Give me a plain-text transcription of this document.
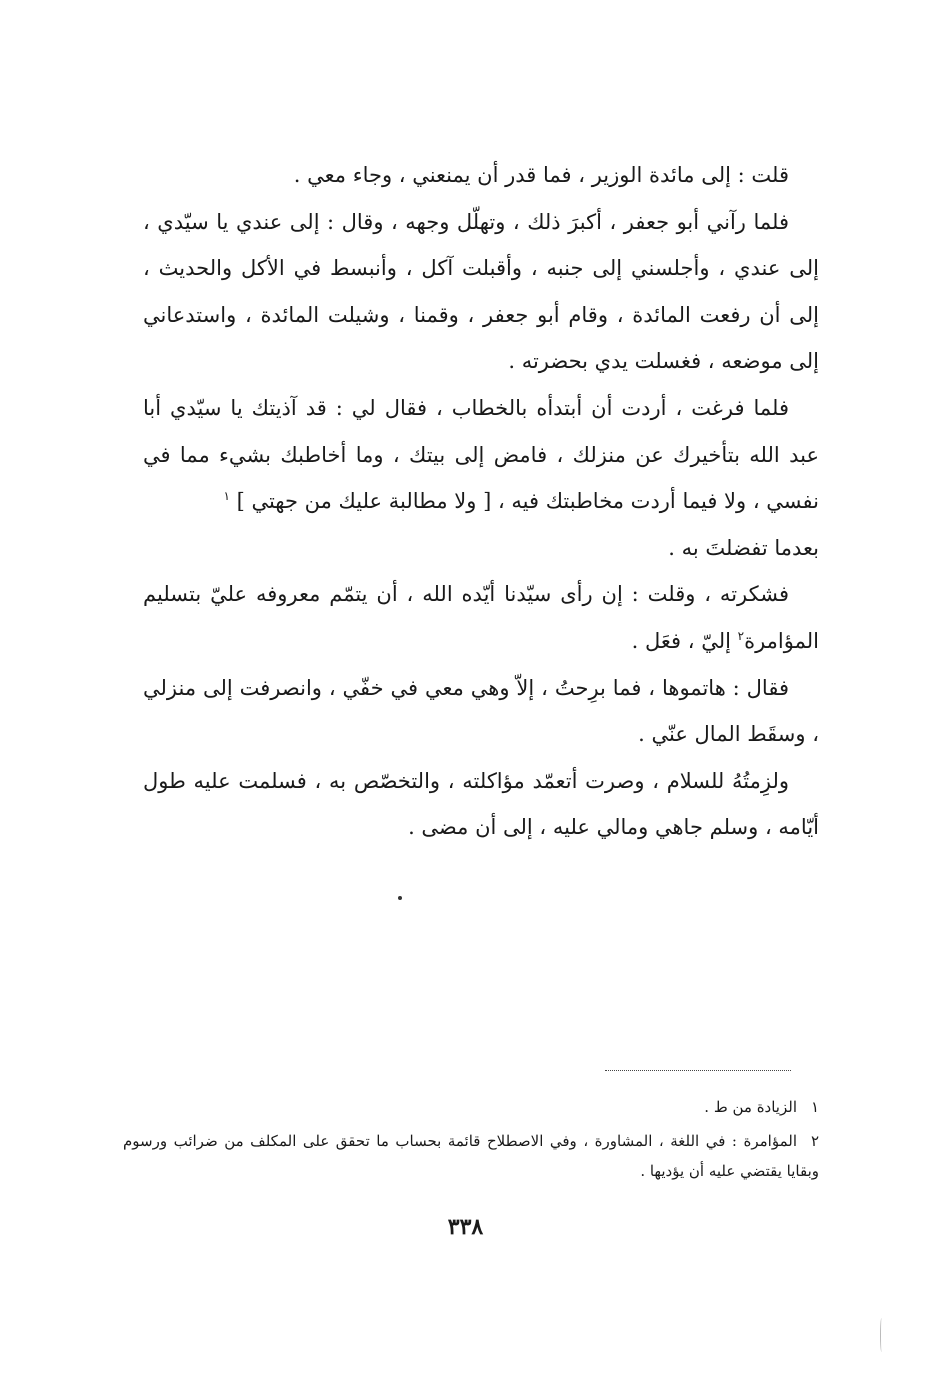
قلت : إلى مائدة الوزير ، فما قدر أن يمنعني ، وجاء معي .

فلما رآني أبو جعفر ، أكبرَ ذلك ، وتهلّل وجهه ، وقال : إلى عندي يا سيّدي ، إلى عندي ، وأجلسني إلى جنبه ، وأقبلت آكل ، وأنبسط في الأكل والحديث ، إلى أن رفعت المائدة ، وقام أبو جعفر ، وقمنا ، وشيلت المائدة ، واستدعاني إلى موضعه ، فغسلت يدي بحضرته .

فلما فرغت ، أردت أن أبتدأه بالخطاب ، فقال لي : قد آذيتك يا سيّدي أبا عبد الله بتأخيرك عن منزلك ، فامض إلى بيتك ، وما أخاطبك بشيء مما في نفسي ، ولا فيما أردت مخاطبتك فيه ، [ ولا مطالبة عليك من جهتي ] $^١$
بعدما تفضلتَ به .

فشكرته ، وقلت : إن رأى سيّدنا أيّده الله ، أن يتمّم معروفه عليّ بتسليم المؤامرة$^٢$ إليّ ، فعَل .

فقال : هاتموها ، فما برِحتُ ، إلاّ وهي معي في خفّي ، وانصرفت إلى منزلي ، وسقَط المال عنّي .

ولزِمتُهُ للسلام ، وصرت أتعمّد مؤاكلته ، والتخصّص به ، فسلمت عليه طول أيّامه ، وسلم جاهي ومالي عليه ، إلى أن مضى .

١الزيادة من ط .

٢المؤامرة : في اللغة ، المشاورة ، وفي الاصطلاح قائمة بحساب ما تحقق على المكلف من ضرائب ورسوم وبقايا يقتضي عليه أن يؤديها .

٣٣٨
